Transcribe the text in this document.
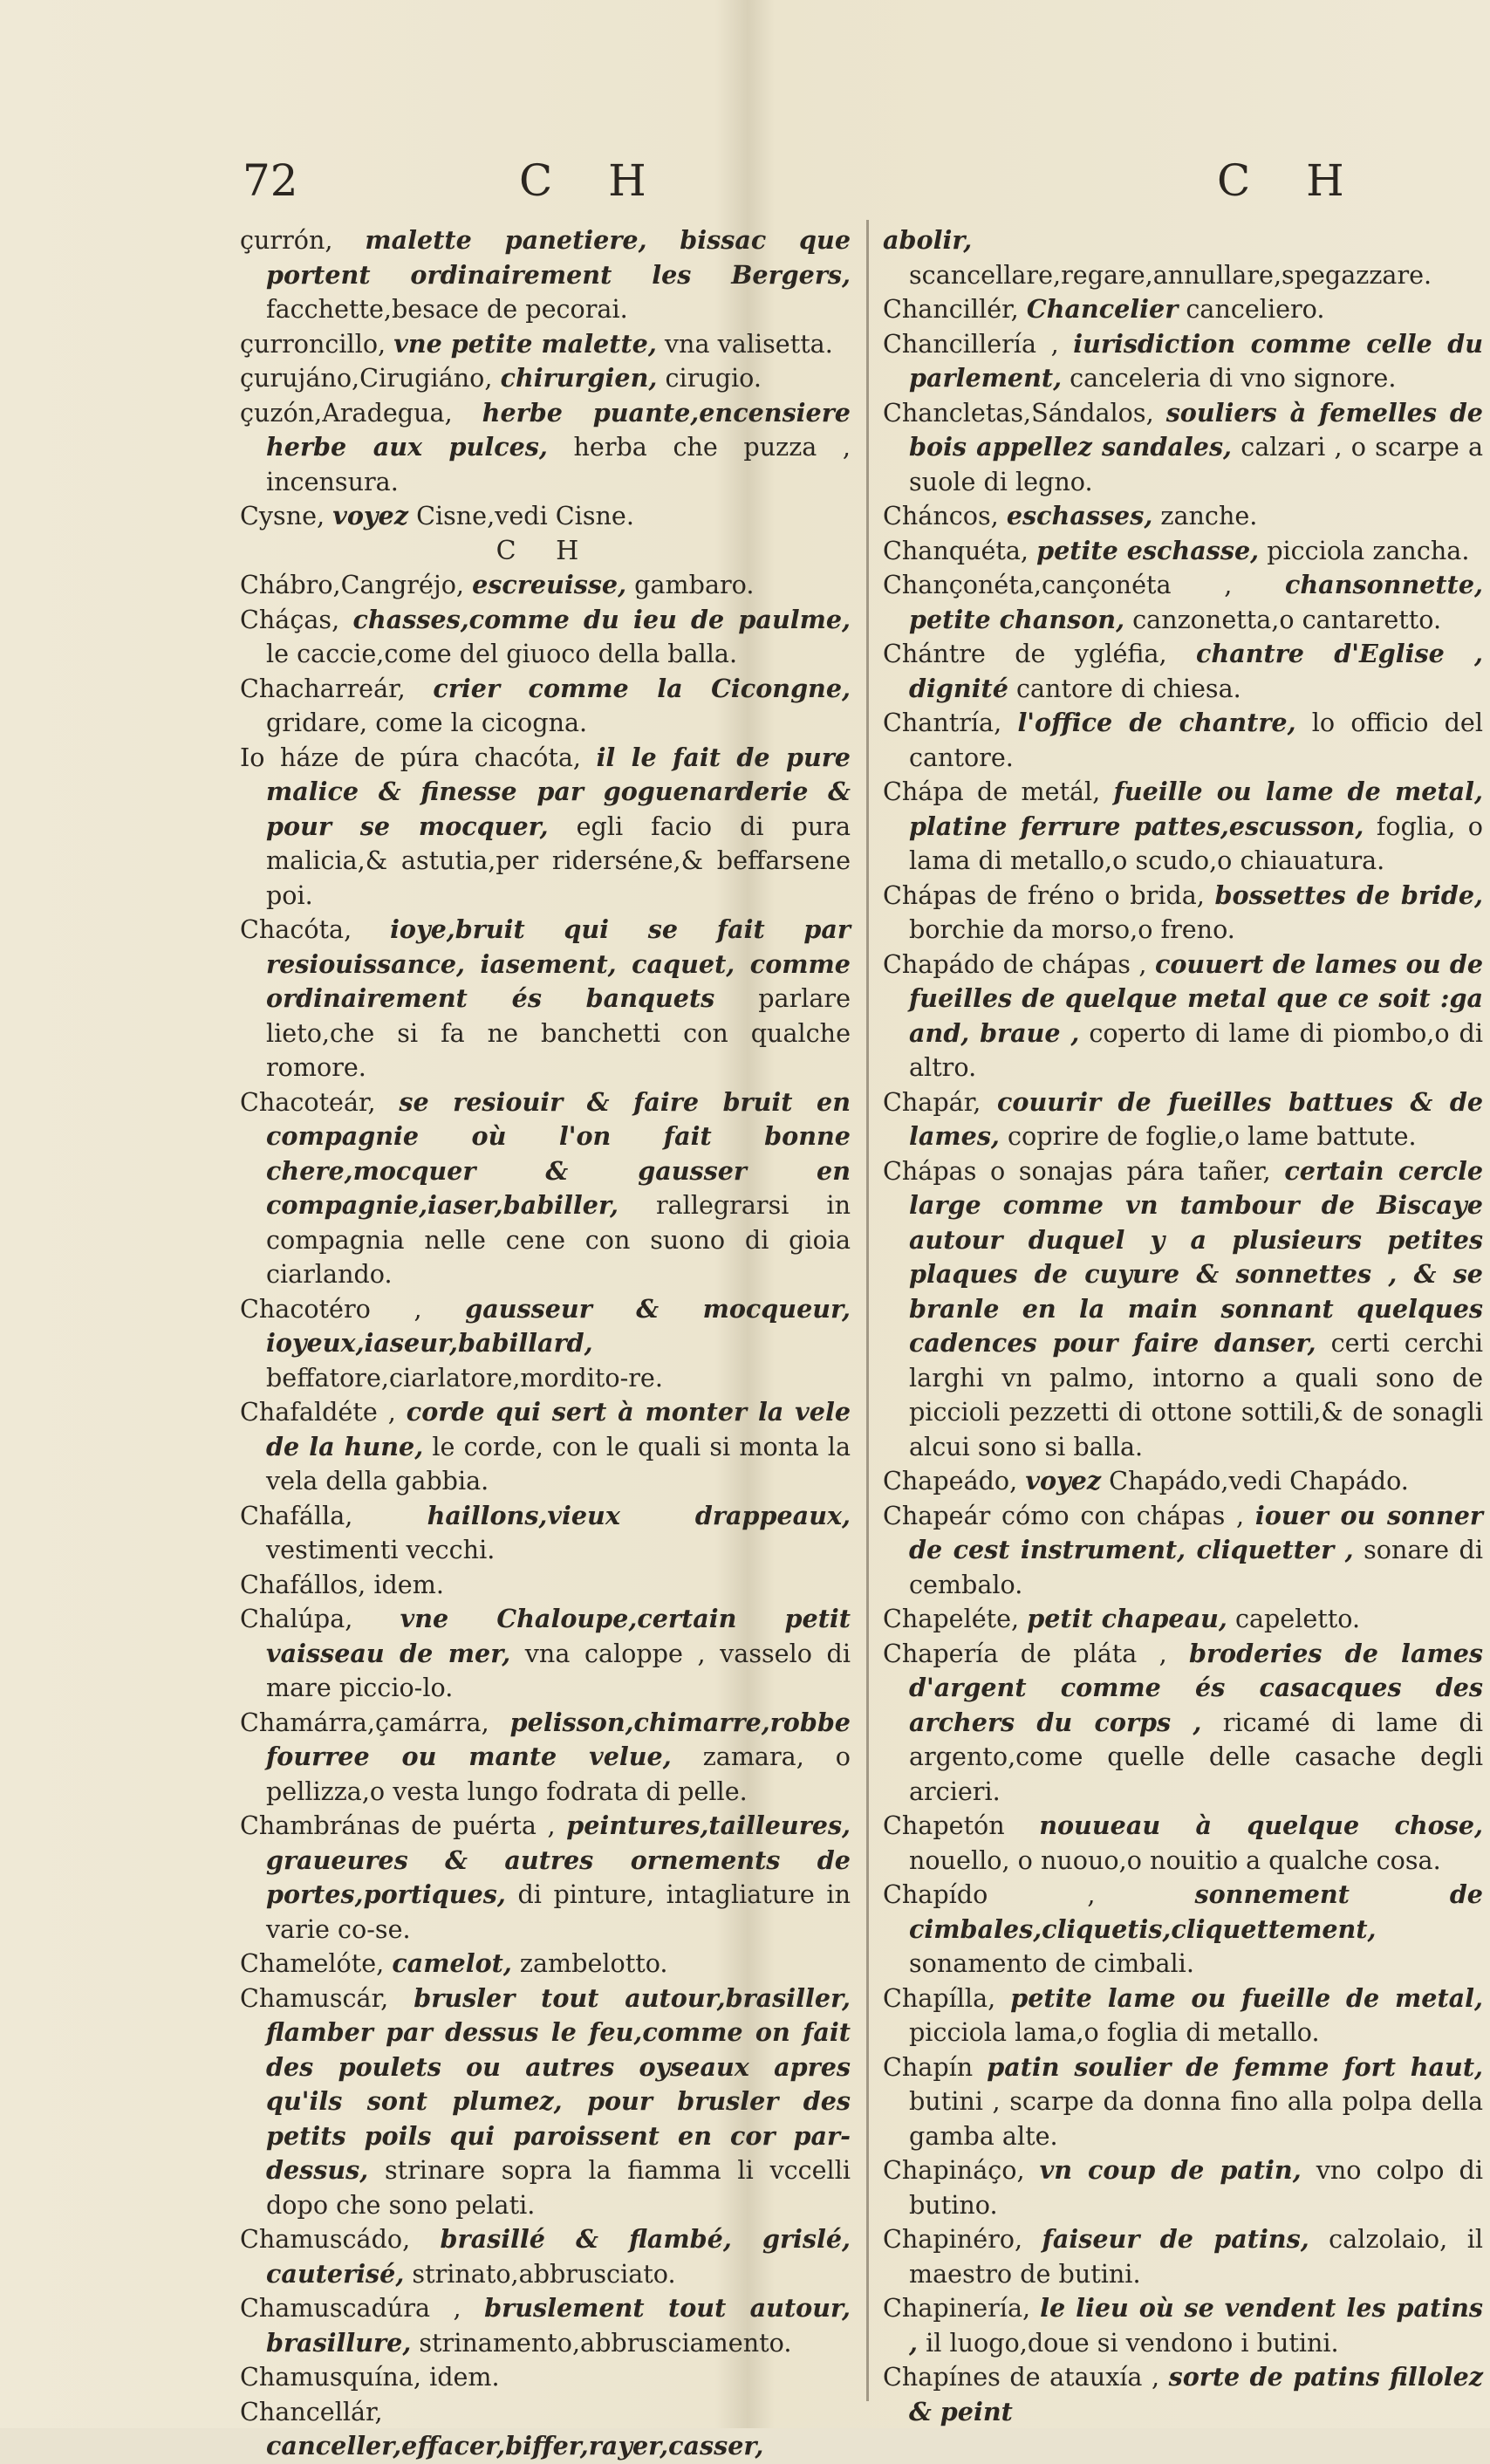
72	C H	C H

çurrón, malette panetiere, bissac que portent ordinairement les Bergers, facchette,besace de pecorai.

çurroncillo, vne petite malette, vna valisetta.

çurujáno,Cirugiáno, chirurgien, cirugio.

çuzón,Aradegua, herbe puante,encensiere herbe aux pulces, herba che puzza , incensura.

Cysne, voyez Cisne,vedi Cisne.

C H

Chábro,Cangréjo, escreuisse, gambaro.

Cháças, chasses,comme du ieu de paulme, le caccie,come del giuoco della balla.

Chacharreár, crier comme la Cicongne, gridare, come la cicogna.

Io háze de púra chacóta, il le fait de pure malice & finesse par goguenarderie & pour se mocquer, egli facio di pura malicia,& astutia,per riderséne,& beffarsene poi.

Chacóta, ioye,bruit qui se fait par resiouissance, iasement, caquet, comme ordinairement és banquets parlare lieto,che si fa ne banchetti con qualche romore.

Chacoteár, se resiouir & faire bruit en compagnie où l'on fait bonne chere,mocquer & gausser en compagnie,iaser,babiller, rallegrarsi in compagnia nelle cene con suono di gioia ciarlando.

Chacotéro , gausseur & mocqueur, ioyeux,iaseur,babillard, beffatore,ciarlatore,mordito-re.

Chafaldéte , corde qui sert à monter la vele de la hune, le corde, con le quali si monta la vela della gabbia.

Chafálla,	haillons,vieux drappeaux, vestimenti vecchi.

Chafállos, idem.

Chalúpa, vne Chaloupe,certain petit vaisseau de mer, vna caloppe , vasselo di mare piccio-lo.

Chamárra,çamárra, pelisson,chimarre,robbe fourree ou mante velue, zamara, o pellizza,o vesta lungo fodrata di pelle.

Chambránas de puérta , peintures,tailleures, graueures & autres ornements de portes,portiques, di pinture, intagliature in varie co-se.

Chamelóte, camelot, zambelotto.

Chamuscár, brusler tout autour,brasiller, flamber par dessus le feu,comme on fait des poulets ou autres oyseaux apres qu'ils sont plumez, pour brusler des petits poils qui paroissent en cor par-dessus, strinare sopra la fiamma li vccelli dopo che sono pelati.

Chamuscádo, brasillé & flambé, grislé, cauterisé, strinato,abbrusciato.

Chamuscadúra , bruslement tout autour, brasillure, strinamento,abbrusciamento.

Chamusquína, idem.

Chancellár, canceller,effacer,biffer,rayer,casser,

abolir, scancellare,regare,annullare,spegazzare.

Chancillér, Chancelier canceliero.

Chancillería , iurisdiction comme celle du parlement, canceleria di vno signore.

Chancletas,Sándalos, souliers à femelles de bois appellez sandales, calzari , o scarpe a suole di legno.

Cháncos, eschasses, zanche.

Chanquéta, petite eschasse, picciola zancha.

Chançonéta,cançonéta , chansonnette, petite chanson, canzonetta,o cantaretto.

Chántre de ygléfia, chantre d'Eglise , dignité cantore di chiesa.

Chantría, l'office de chantre, lo officio del cantore.

Chápa de metál, fueille ou lame de metal, platine ferrure pattes,escusson, foglia, o lama di metallo,o scudo,o chiauatura.

Chápas de fréno o brida, bossettes de bride, borchie da morso,o freno.

Chapádo de chápas , couuert de lames ou de fueilles de quelque metal que ce soit :ga and, braue , coperto di lame di piombo,o di altro.

Chapár, couurir de fueilles battues & de lames, coprire de foglie,o lame battute.

Chápas o sonajas pára tañer, certain cercle large comme vn tambour de Biscaye autour duquel y a plusieurs petites plaques de cuyure & sonnettes , & se branle en la main sonnant quelques cadences pour faire danser, certi cerchi larghi vn palmo, intorno a quali sono de piccioli pezzetti di ottone sottili,& de sonagli alcui sono si balla.

Chapeádo, voyez Chapádo,vedi Chapádo.

Chapeár cómo con chápas , iouer ou sonner de cest instrument, cliquetter , sonare di cembalo.

Chapeléte, petit chapeau, capeletto.

Chapería de pláta , broderies de lames d'argent comme és casacques des archers du corps , ricamé di lame di argento,come quelle delle casache degli arcieri.

Chapetón nouueau à quelque chose, nouello, o nuouo,o nouitio a qualche cosa.

Chapído ,	sonnement de cimbales,cliquetis,cliquettement, sonamento de cimbali.

Chapílla, petite lame ou fueille de metal, picciola lama,o foglia di metallo.

Chapín patin soulier de femme fort haut, butini , scarpe da donna fino alla polpa della gamba alte.

Chapináço, vn coup de patin, vno colpo di butino.

Chapinéro, faiseur de patins, calzolaio, il maestro de butini.

Chapinería, le lieu où se vendent les patins , il luogo,doue si vendono i butini.

Chapínes de atauxía , sorte de patins fillolez & peint
